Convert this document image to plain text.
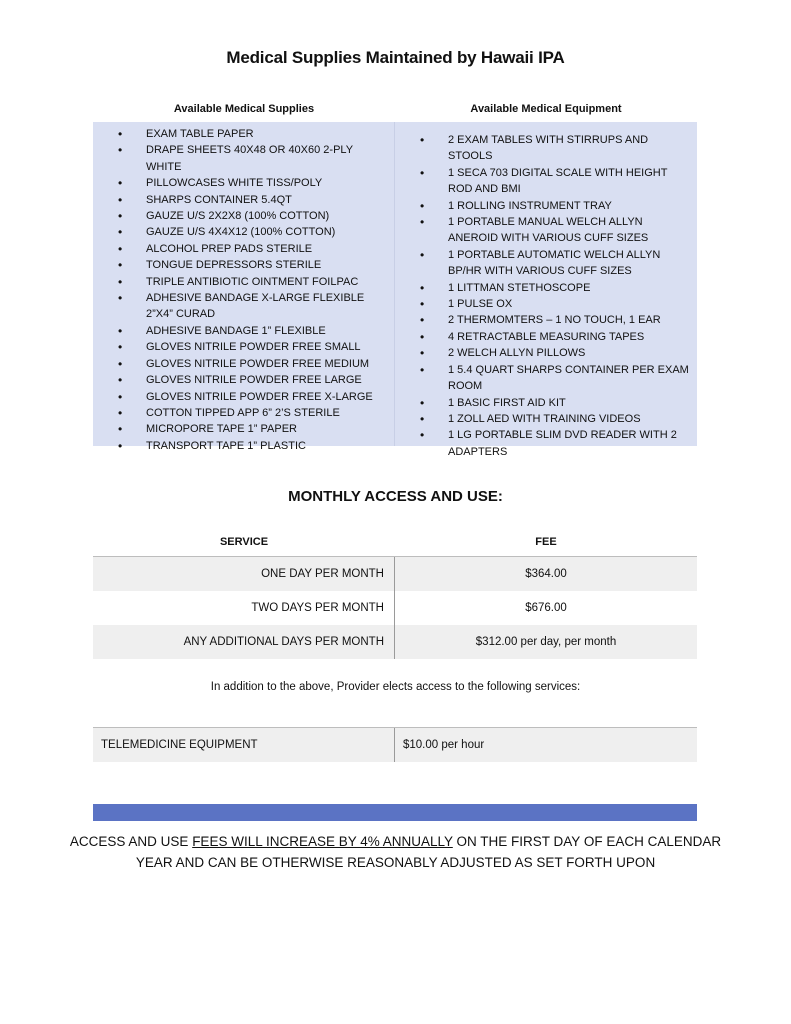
Medical Supplies Maintained by Hawaii IPA
Available Medical Supplies	Available Medical Equipment
• EXAM TABLE PAPER
• DRAPE SHEETS 40X48 OR 40X60 2-PLY WHITE
• PILLOWCASES WHITE TISS/POLY
• SHARPS CONTAINER 5.4QT
• GAUZE U/S 2X2X8 (100% COTTON)
• GAUZE U/S 4X4X12 (100% COTTON)
• ALCOHOL PREP PADS STERILE
• TONGUE DEPRESSORS STERILE
• TRIPLE ANTIBIOTIC OINTMENT FOILPAC
• ADHESIVE BANDAGE X-LARGE FLEXIBLE 2”X4” CURAD
• ADHESIVE BANDAGE 1” FLEXIBLE
• GLOVES NITRILE POWDER FREE SMALL
• GLOVES NITRILE POWDER FREE MEDIUM
• GLOVES NITRILE POWDER FREE LARGE
• GLOVES NITRILE POWDER FREE X-LARGE
• COTTON TIPPED APP 6” 2’S STERILE
• MICROPORE TAPE 1” PAPER
• TRANSPORT TAPE 1” PLASTIC
• 2 EXAM TABLES WITH STIRRUPS AND STOOLS
• 1 SECA 703 DIGITAL SCALE WITH HEIGHT ROD AND BMI
• 1 ROLLING INSTRUMENT TRAY
• 1 PORTABLE MANUAL WELCH ALLYN ANEROID WITH VARIOUS CUFF SIZES
• 1 PORTABLE AUTOMATIC WELCH ALLYN BP/HR WITH VARIOUS CUFF SIZES
• 1 LITTMAN STETHOSCOPE
• 1 PULSE OX
• 2 THERMOMTERS – 1 NO TOUCH, 1 EAR
• 4 RETRACTABLE MEASURING TAPES
• 2 WELCH ALLYN PILLOWS
• 1 5.4 QUART SHARPS CONTAINER PER EXAM ROOM
• 1 BASIC FIRST AID KIT
• 1 ZOLL AED WITH TRAINING VIDEOS
• 1 LG PORTABLE SLIM DVD READER WITH 2 ADAPTERS
MONTHLY ACCESS AND USE:
SERVICE	FEE
ONE DAY PER MONTH	$364.00
TWO DAYS PER MONTH	$676.00
ANY ADDITIONAL DAYS PER MONTH	$312.00 per day, per month
In addition to the above, Provider elects access to the following services:
TELEMEDICINE EQUIPMENT	$10.00 per hour
ACCESS AND USE FEES WILL INCREASE BY 4% ANNUALLY ON THE FIRST DAY OF EACH CALENDAR YEAR AND CAN BE OTHERWISE REASONABLY ADJUSTED AS SET FORTH UPON
